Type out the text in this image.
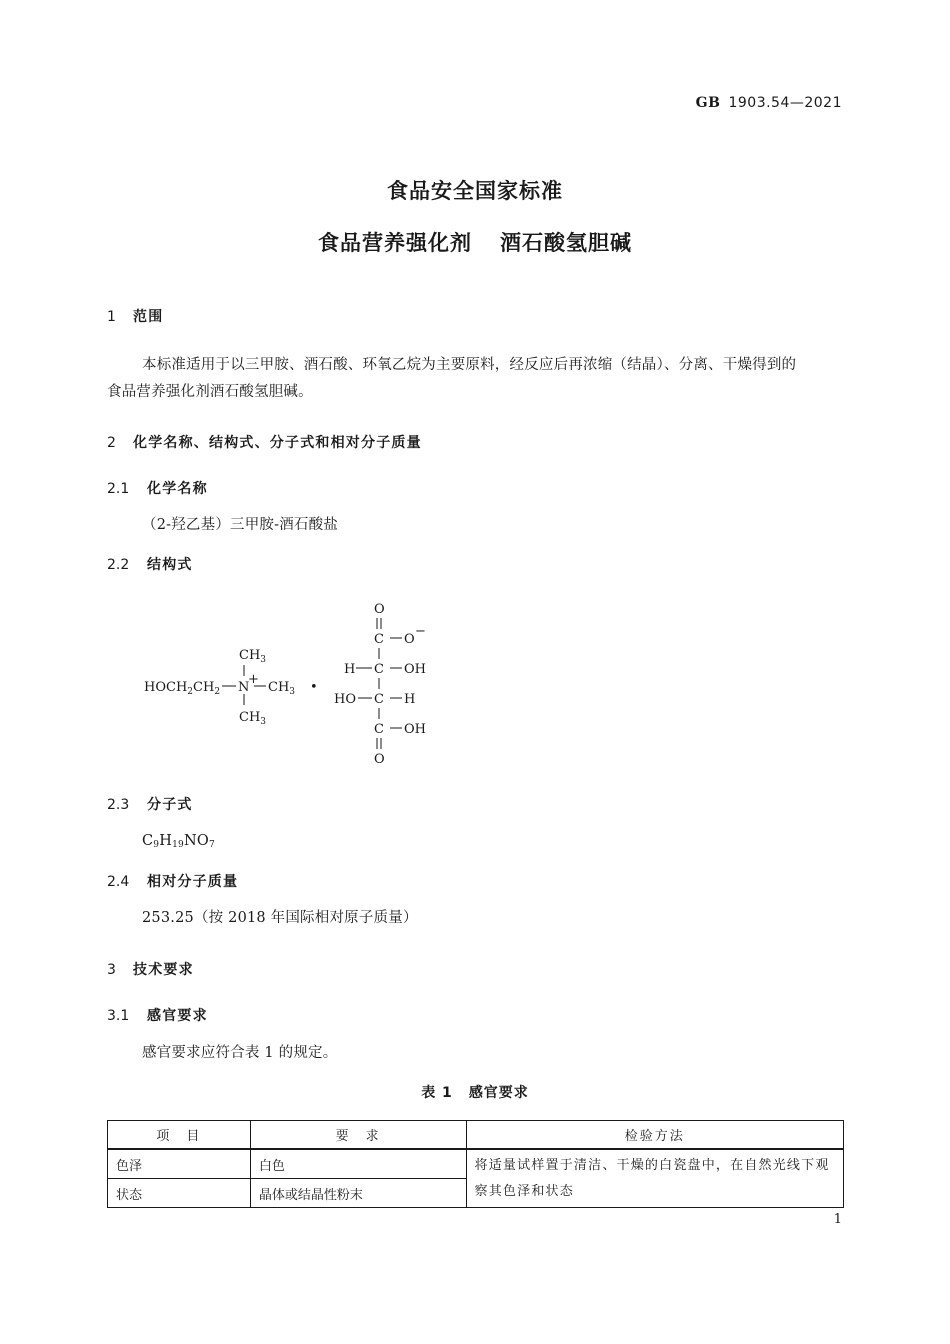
GB 1903.54—2021
食品安全国家标准
食品营养强化剂 酒石酸氢胆碱
1 范围
本标准适用于以三甲胺、酒石酸、环氧乙烷为主要原料，经反应后再浓缩（结晶）、分离、干燥得到的
食品营养强化剂酒石酸氢胆碱。
2 化学名称、结构式、分子式和相对分子质量
2.1 化学名称
（2-羟乙基）三甲胺-酒石酸盐
2.2 结构式
$HOCH_2CH_2$ N
+
$CH_3$
$CH_3$
$CH_3$
•
O
C O
−
H C OH
HO C H
C OH
O
2.3 分子式
$C_9H_{19}NO_7$
2.4 相对分子质量
253.25（按 2018 年国际相对原子质量）
3 技术要求
3.1 感官要求
感官要求应符合表 1 的规定。
表 1 感官要求
项　目	要　求	检验方法
色泽	白色	将适量试样置于清洁、干燥的白瓷盘中，在自然光线下观察其色泽和状态
状态	晶体或结晶性粉末	
1
